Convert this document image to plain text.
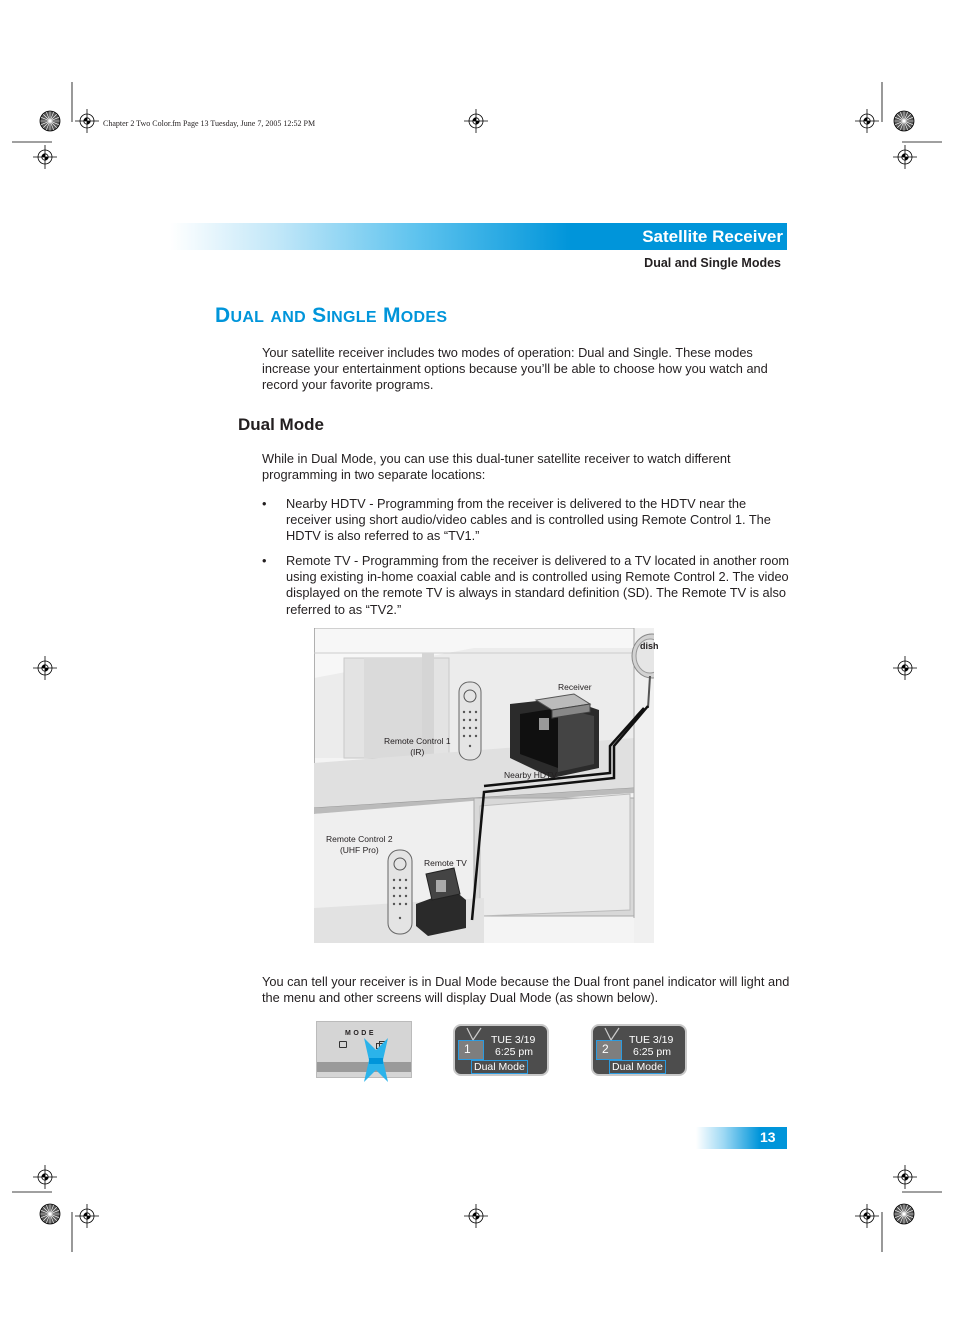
Chapter 2 Two Color.fm Page 13 Tuesday, June 7, 2005 12:52 PM
Satellite Receiver
Dual and Single Modes
DUAL AND SINGLE MODES
Your satellite receiver includes two modes of operation: Dual and Single. These modes increase your entertainment options because you’ll be able to choose how you watch and record your favorite programs.
Dual Mode
While in Dual Mode, you can use this dual-tuner satellite receiver to watch different programming in two separate locations:
• Nearby HDTV - Programming from the receiver is delivered to the HDTV near the receiver using short audio/video cables and is controlled using Remote Control 1. The HDTV is also referred to as “TV1.”
• Remote TV - Programming from the receiver is delivered to a TV located in another room using existing in-home coaxial cable and is controlled using Remote Control 2. The video displayed on the remote TV is always in standard definition (SD). The Remote TV is also referred to as “TV2.”
dish
Receiver
Remote Control 1
(IR)
Nearby HDTV
Remote Control 2
(UHF Pro)
Remote TV
You can tell your receiver is in Dual Mode because the Dual front panel indicator will light and the menu and other screens will display Dual Mode (as shown below).
MODE
1
TUE 3/19
6:25 pm
Dual Mode
2
TUE 3/19
6:25 pm
Dual Mode
13
